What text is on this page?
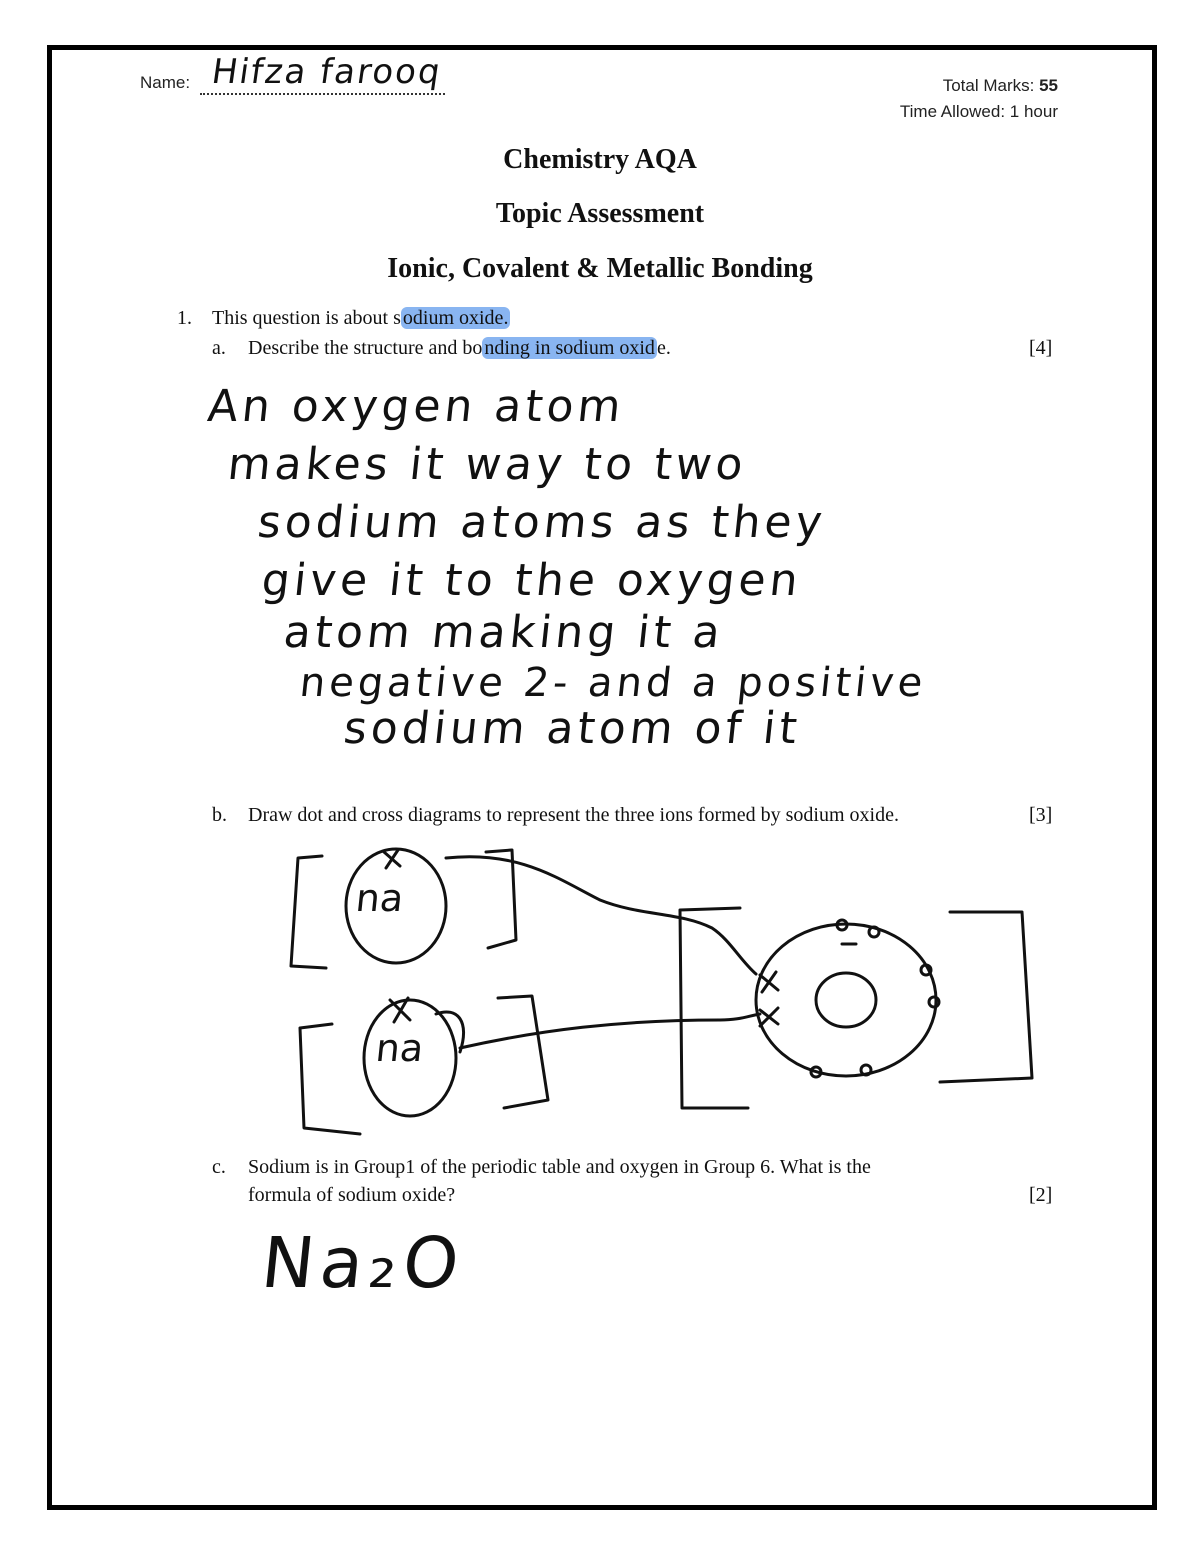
Name: Hifza farooq	Total Marks: 55
Time Allowed: 1 hour
Chemistry AQA
Topic Assessment
Ionic, Covalent & Metallic Bonding
1. This question is about s odium oxide.
a. Describe the structure and bo nding in sodium oxid e.	[4]
An oxygen atom
makes it way to two
sodium atoms as they
give it to the oxygen
atom making it a
negative 2- and a positive
sodium atom of it
b. Draw dot and cross diagrams to represent the three ions formed by sodium oxide.	[3]
na
na
c. Sodium is in Group1 of the periodic table and oxygen in Group 6. What is the
formula of sodium oxide?	[2]
Na₂O
